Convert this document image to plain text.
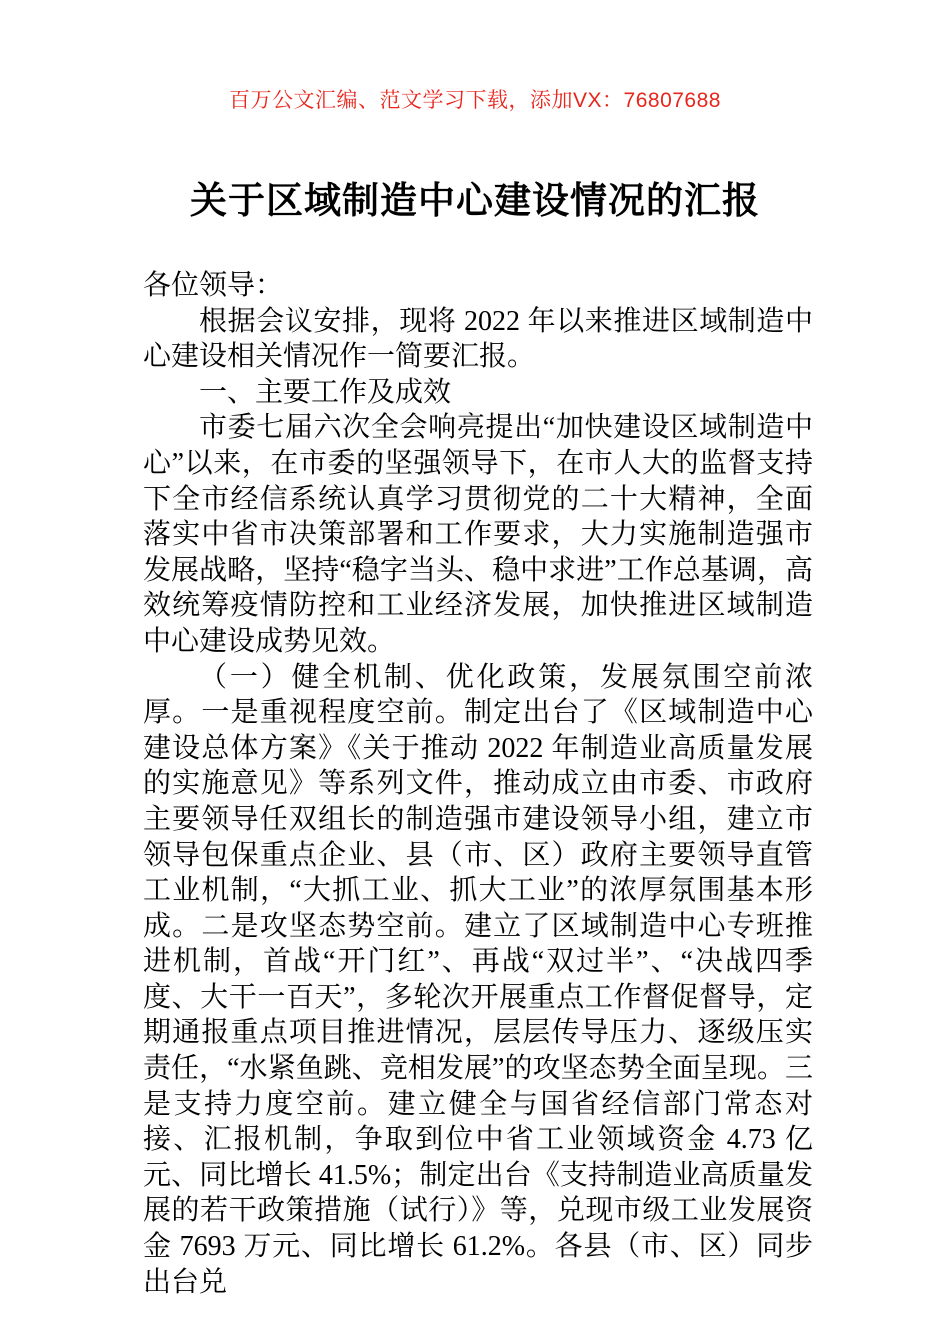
百万公文汇编、范文学习下载，添加VX：76807688
关于区域制造中心建设情况的汇报

各位领导：

根据会议安排，现将 2022 年以来推进区域制造中心建设相关情况作一简要汇报。

一、主要工作及成效

市委七届六次全会响亮提出“加快建设区域制造中心”以来，在市委的坚强领导下，在市人大的监督支持下全市经信系统认真学习贯彻党的二十大精神，全面落实中省市决策部署和工作要求，大力实施制造强市发展战略，坚持“稳字当头、稳中求进”工作总基调，高效统筹疫情防控和工业经济发展，加快推进区域制造中心建设成势见效。

（一）健全机制、优化政策，发展氛围空前浓厚。一是重视程度空前。制定出台了《区域制造中心建设总体方案》《关于推动 2022 年制造业高质量发展的实施意见》等系列文件，推动成立由市委、市政府主要领导任双组长的制造强市建设领导小组，建立市领导包保重点企业、县（市、区）政府主要领导直管工业机制，“大抓工业、抓大工业”的浓厚氛围基本形成。二是攻坚态势空前。建立了区域制造中心专班推进机制，首战“开门红”、再战“双过半”、“决战四季度、大干一百天”，多轮次开展重点工作督促督导，定期通报重点项目推进情况，层层传导压力、逐级压实责任，“水紧鱼跳、竞相发展”的攻坚态势全面呈现。三是支持力度空前。建立健全与国省经信部门常态对接、汇报机制，争取到位中省工业领域资金 4.73 亿元、同比增长 41.5%；制定出台《支持制造业高质量发展的若干政策措施（试行）》等，兑现市级工业发展资金 7693 万元、同比增长 61.2%。各县（市、区）同步出台兑
